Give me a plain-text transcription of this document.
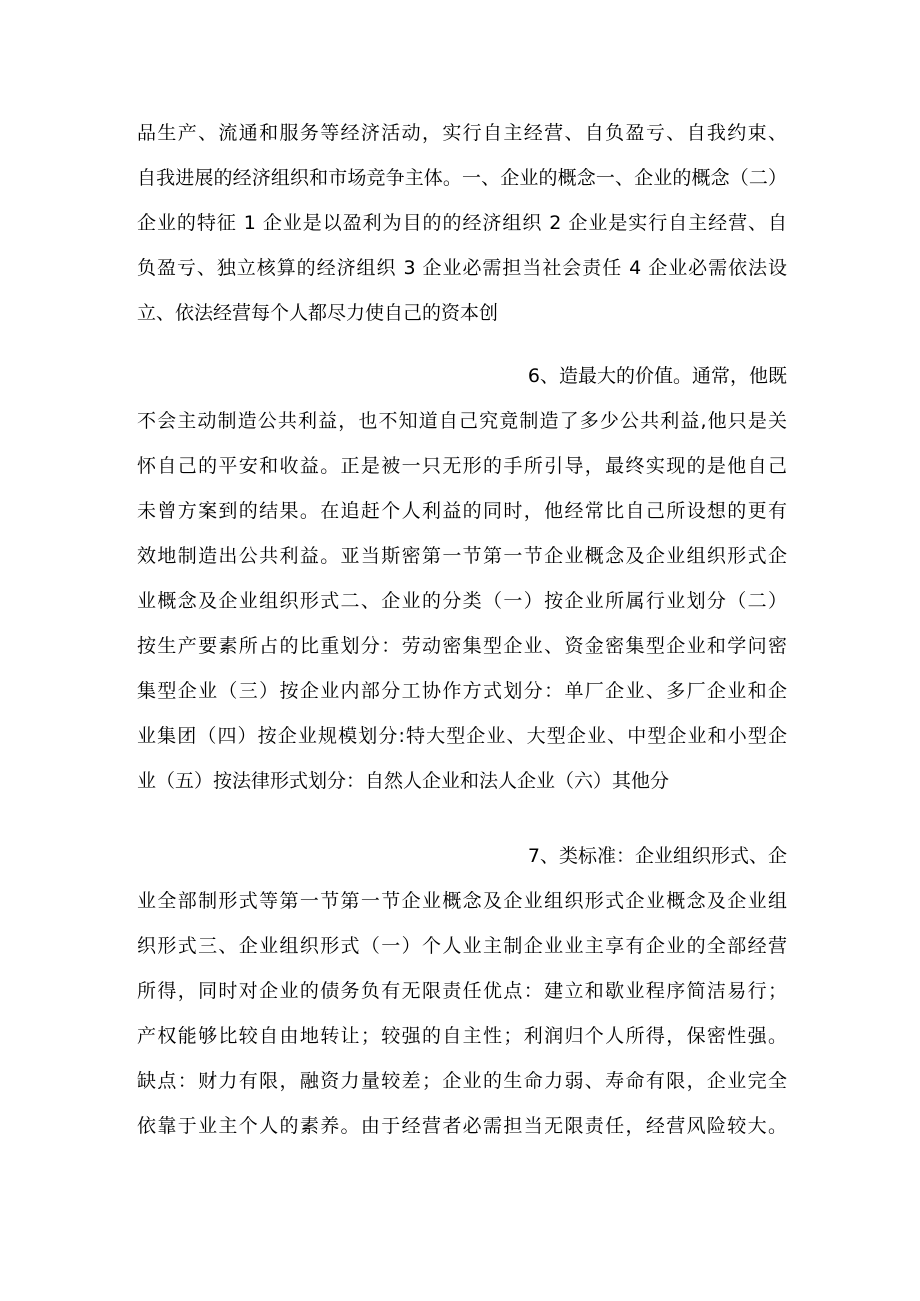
品生产、流通和服务等经济活动，实行自主经营、自负盈亏、自我约束、
自我进展的经济组织和市场竞争主体。一、企业的概念一、企业的概念（二）
企业的特征 1 企业是以盈利为目的的经济组织 2 企业是实行自主经营、自
负盈亏、独立核算的经济组织 3 企业必需担当社会责任 4 企业必需依法设
立、依法经营每个人都尽力使自己的资本创
6、造最大的价值。通常，他既
不会主动制造公共利益，也不知道自己究竟制造了多少公共利益,他只是关
怀自己的平安和收益。正是被一只无形的手所引导，最终实现的是他自己
未曾方案到的结果。在追赶个人利益的同时，他经常比自己所设想的更有
效地制造出公共利益。亚当斯密第一节第一节企业概念及企业组织形式企
业概念及企业组织形式二、企业的分类（一）按企业所属行业划分（二）
按生产要素所占的比重划分：劳动密集型企业、资金密集型企业和学问密
集型企业（三）按企业内部分工协作方式划分：单厂企业、多厂企业和企
业集团（四）按企业规模划分:特大型企业、大型企业、中型企业和小型企
业（五）按法律形式划分：自然人企业和法人企业（六）其他分
7、类标准：企业组织形式、企
业全部制形式等第一节第一节企业概念及企业组织形式企业概念及企业组
织形式三、企业组织形式（一）个人业主制企业业主享有企业的全部经营
所得，同时对企业的债务负有无限责任优点：建立和歇业程序简洁易行；
产权能够比较自由地转让；较强的自主性；利润归个人所得，保密性强。
缺点：财力有限，融资力量较差；企业的生命力弱、寿命有限，企业完全
依靠于业主个人的素养。由于经营者必需担当无限责任，经营风险较大。
